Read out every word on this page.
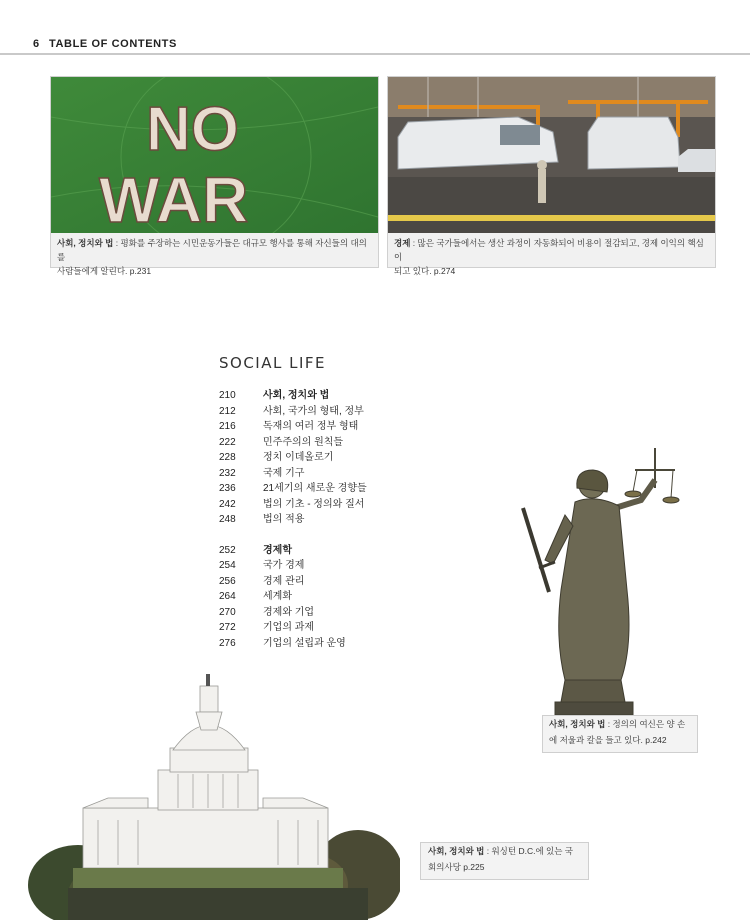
6 TABLE OF CONTENTS
NO
WAR
사회, 정치와 법 : 평화를 주장하는 시민운동가들은 대규모 행사를 통해 자신들의 대의를
사람들에게 알린다. p.231
경제 : 많은 국가들에서는 생산 과정이 자동화되어 비용이 절감되고, 경제 이익의 핵심이
되고 있다. p.274
SOCIAL LIFE
210	사회, 정치와 법
212	사회, 국가의 형태, 정부
216	독재의 여러 정부 형태
222	민주주의의 원칙들
228	정치 이데올로기
232	국제 기구
236	21세기의 새로운 경향들
242	법의 기초 - 정의와 질서
248	법의 적용
252	경제학
254	국가 경제
256	경제 관리
264	세계화
270	경제와 기업
272	기업의 과제
276	기업의 설립과 운영
사회, 정치와 법 : 정의의 여신은 양 손
에 저울과 칼을 들고 있다. p.242
사회, 정치와 법 : 워싱턴 D.C.에 있는 국
회의사당 p.225
